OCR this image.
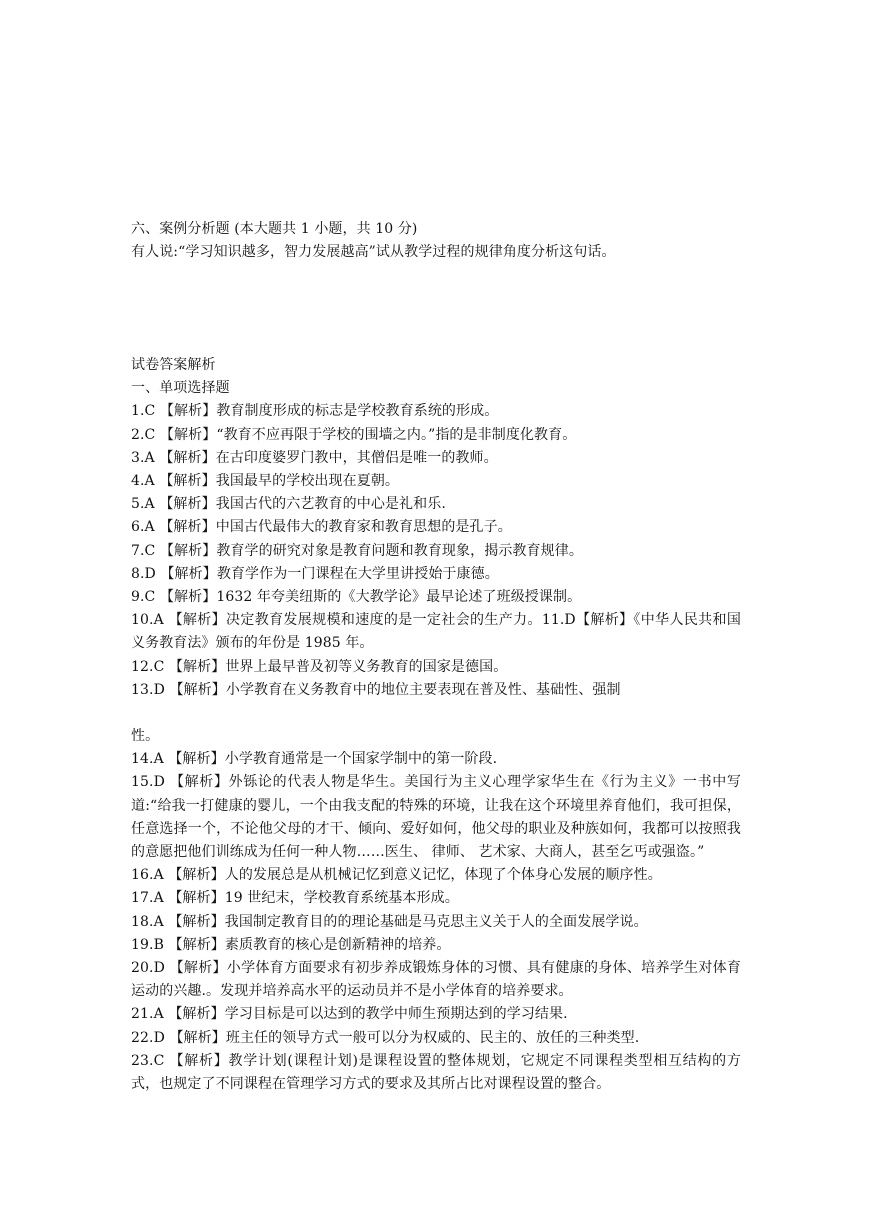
六、案例分析题 (本大题共 1 小题，共 10 分)

有人说:“学习知识越多，智力发展越高”试从教学过程的规律角度分析这句话。

试卷答案解析

一、单项选择题

1.C 【解析】教育制度形成的标志是学校教育系统的形成。

2.C 【解析】“教育不应再限于学校的围墙之内。”指的是非制度化教育。

3.A 【解析】在古印度婆罗门教中，其僧侣是唯一的教师。

4.A 【解析】我国最早的学校出现在夏朝。

5.A 【解析】我国古代的六艺教育的中心是礼和乐.

6.A 【解析】中国古代最伟大的教育家和教育思想的是孔子。

7.C 【解析】教育学的研究对象是教育问题和教育现象，揭示教育规律。

8.D 【解析】教育学作为一门课程在大学里讲授始于康德。

9.C 【解析】1632 年夸美纽斯的《大教学论》最早论述了班级授课制。

10.A 【解析】决定教育发展规模和速度的是一定社会的生产力。11.D【解析】《中华人民共和国义务教育法》颁布的年份是 1985 年。

12.C 【解析】世界上最早普及初等义务教育的国家是德国。

13.D 【解析】小学教育在义务教育中的地位主要表现在普及性、基础性、强制

性。

14.A 【解析】小学教育通常是一个国家学制中的第一阶段.

15.D 【解析】外铄论的代表人物是华生。美国行为主义心理学家华生在《行为主义》一书中写道:“给我一打健康的婴儿，一个由我支配的特殊的环境，让我在这个环境里养育他们，我可担保，任意选择一个，不论他父母的才干、倾向、爱好如何，他父母的职业及种族如何，我都可以按照我的意愿把他们训练成为任何一种人物……医生、 律师、 艺术家、大商人，甚至乞丐或强盗。”

16.A 【解析】人的发展总是从机械记忆到意义记忆，体现了个体身心发展的顺序性。

17.A 【解析】19 世纪末，学校教育系统基本形成。

18.A 【解析】我国制定教育目的的理论基础是马克思主义关于人的全面发展学说。

19.B 【解析】素质教育的核心是创新精神的培养。

20.D 【解析】小学体育方面要求有初步养成锻炼身体的习惯、具有健康的身体、培养学生对体育运动的兴趣.。发现并培养高水平的运动员并不是小学体育的培养要求。

21.A 【解析】学习目标是可以达到的教学中师生预期达到的学习结果.

22.D 【解析】班主任的领导方式一般可以分为权威的、民主的、放任的三种类型.

23.C 【解析】教学计划(课程计划)是课程设置的整体规划，它规定不同课程类型相互结构的方式，也规定了不同课程在管理学习方式的要求及其所占比对课程设置的整合。
